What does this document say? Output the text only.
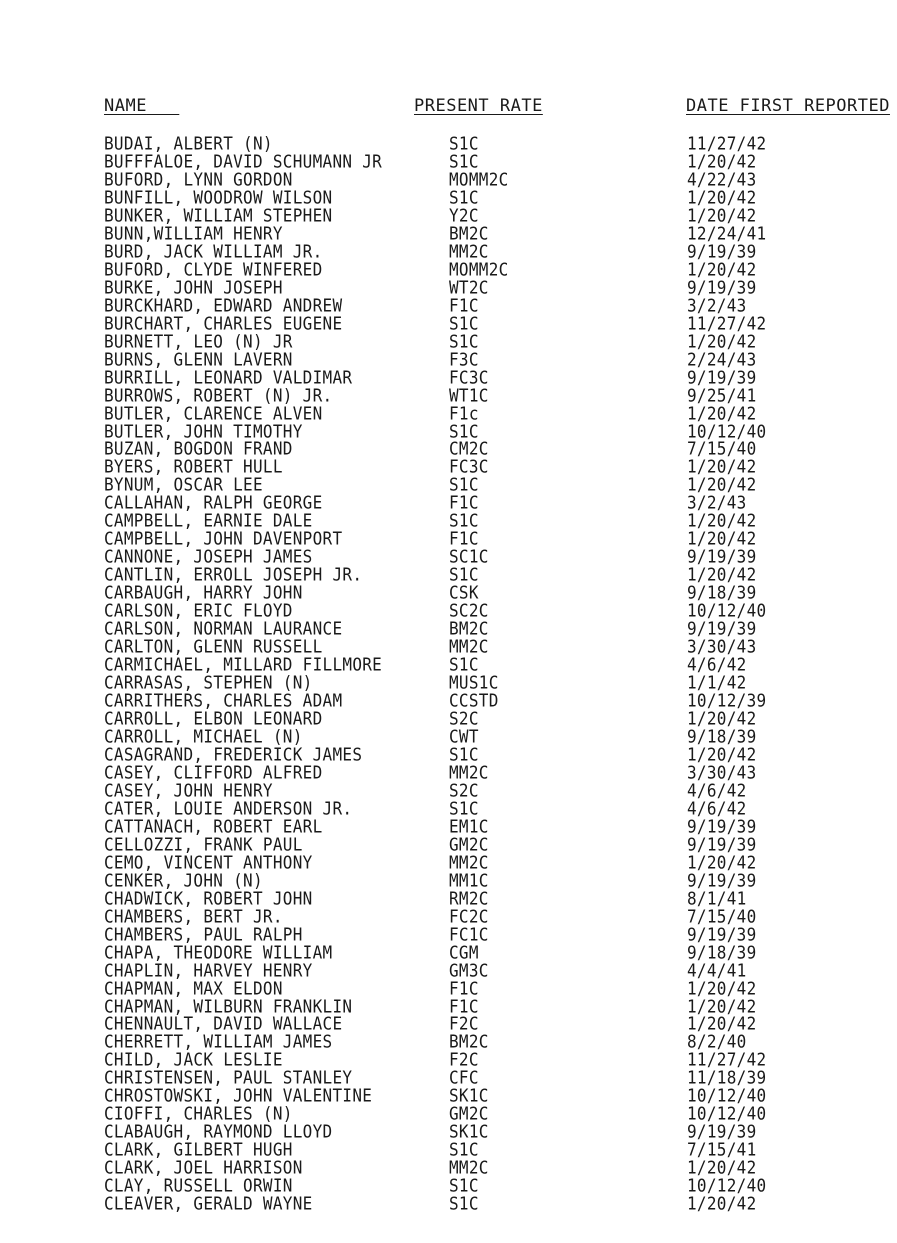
NAME	PRESENT RATE	DATE FIRST REPORTED
BUDAI, ALBERT (N)	S1C	11/27/42
BUFFFALOE, DAVID SCHUMANN JR	S1C	1/20/42
BUFORD, LYNN GORDON	MOMM2C	4/22/43
BUNFILL, WOODROW WILSON	S1C	1/20/42
BUNKER, WILLIAM STEPHEN	Y2C	1/20/42
BUNN,WILLIAM HENRY	BM2C	12/24/41
BURD, JACK WILLIAM JR.	MM2C	9/19/39
BUFORD, CLYDE WINFERED	MOMM2C	1/20/42
BURKE, JOHN JOSEPH	WT2C	9/19/39
BURCKHARD, EDWARD ANDREW	F1C	3/2/43
BURCHART, CHARLES EUGENE	S1C	11/27/42
BURNETT, LEO (N) JR	S1C	1/20/42
BURNS, GLENN LAVERN	F3C	2/24/43
BURRILL, LEONARD VALDIMAR	FC3C	9/19/39
BURROWS, ROBERT (N) JR.	WT1C	9/25/41
BUTLER, CLARENCE ALVEN	F1c	1/20/42
BUTLER, JOHN TIMOTHY	S1C	10/12/40
BUZAN, BOGDON FRAND	CM2C	7/15/40
BYERS, ROBERT HULL	FC3C	1/20/42
BYNUM, OSCAR LEE	S1C	1/20/42
CALLAHAN, RALPH GEORGE	F1C	3/2/43
CAMPBELL, EARNIE DALE	S1C	1/20/42
CAMPBELL, JOHN DAVENPORT	F1C	1/20/42
CANNONE, JOSEPH JAMES	SC1C	9/19/39
CANTLIN, ERROLL JOSEPH JR.	S1C	1/20/42
CARBAUGH, HARRY JOHN	CSK	9/18/39
CARLSON, ERIC FLOYD	SC2C	10/12/40
CARLSON, NORMAN LAURANCE	BM2C	9/19/39
CARLTON, GLENN RUSSELL	MM2C	3/30/43
CARMICHAEL, MILLARD FILLMORE	S1C	4/6/42
CARRASAS, STEPHEN (N)	MUS1C	1/1/42
CARRITHERS, CHARLES ADAM	CCSTD	10/12/39
CARROLL, ELBON LEONARD	S2C	1/20/42
CARROLL, MICHAEL (N)	CWT	9/18/39
CASAGRAND, FREDERICK JAMES	S1C	1/20/42
CASEY, CLIFFORD ALFRED	MM2C	3/30/43
CASEY, JOHN HENRY	S2C	4/6/42
CATER, LOUIE ANDERSON JR.	S1C	4/6/42
CATTANACH, ROBERT EARL	EM1C	9/19/39
CELLOZZI, FRANK PAUL	GM2C	9/19/39
CEMO, VINCENT ANTHONY	MM2C	1/20/42
CENKER, JOHN (N)	MM1C	9/19/39
CHADWICK, ROBERT JOHN	RM2C	8/1/41
CHAMBERS, BERT JR.	FC2C	7/15/40
CHAMBERS, PAUL RALPH	FC1C	9/19/39
CHAPA, THEODORE WILLIAM	CGM	9/18/39
CHAPLIN, HARVEY HENRY	GM3C	4/4/41
CHAPMAN, MAX ELDON	F1C	1/20/42
CHAPMAN, WILBURN FRANKLIN	F1C	1/20/42
CHENNAULT, DAVID WALLACE	F2C	1/20/42
CHERRETT, WILLIAM JAMES	BM2C	8/2/40
CHILD, JACK LESLIE	F2C	11/27/42
CHRISTENSEN, PAUL STANLEY	CFC	11/18/39
CHROSTOWSKI, JOHN VALENTINE	SK1C	10/12/40
CIOFFI, CHARLES (N)	GM2C	10/12/40
CLABAUGH, RAYMOND LLOYD	SK1C	9/19/39
CLARK, GILBERT HUGH	S1C	7/15/41
CLARK, JOEL HARRISON	MM2C	1/20/42
CLAY, RUSSELL ORWIN	S1C	10/12/40
CLEAVER, GERALD WAYNE	S1C	1/20/42
